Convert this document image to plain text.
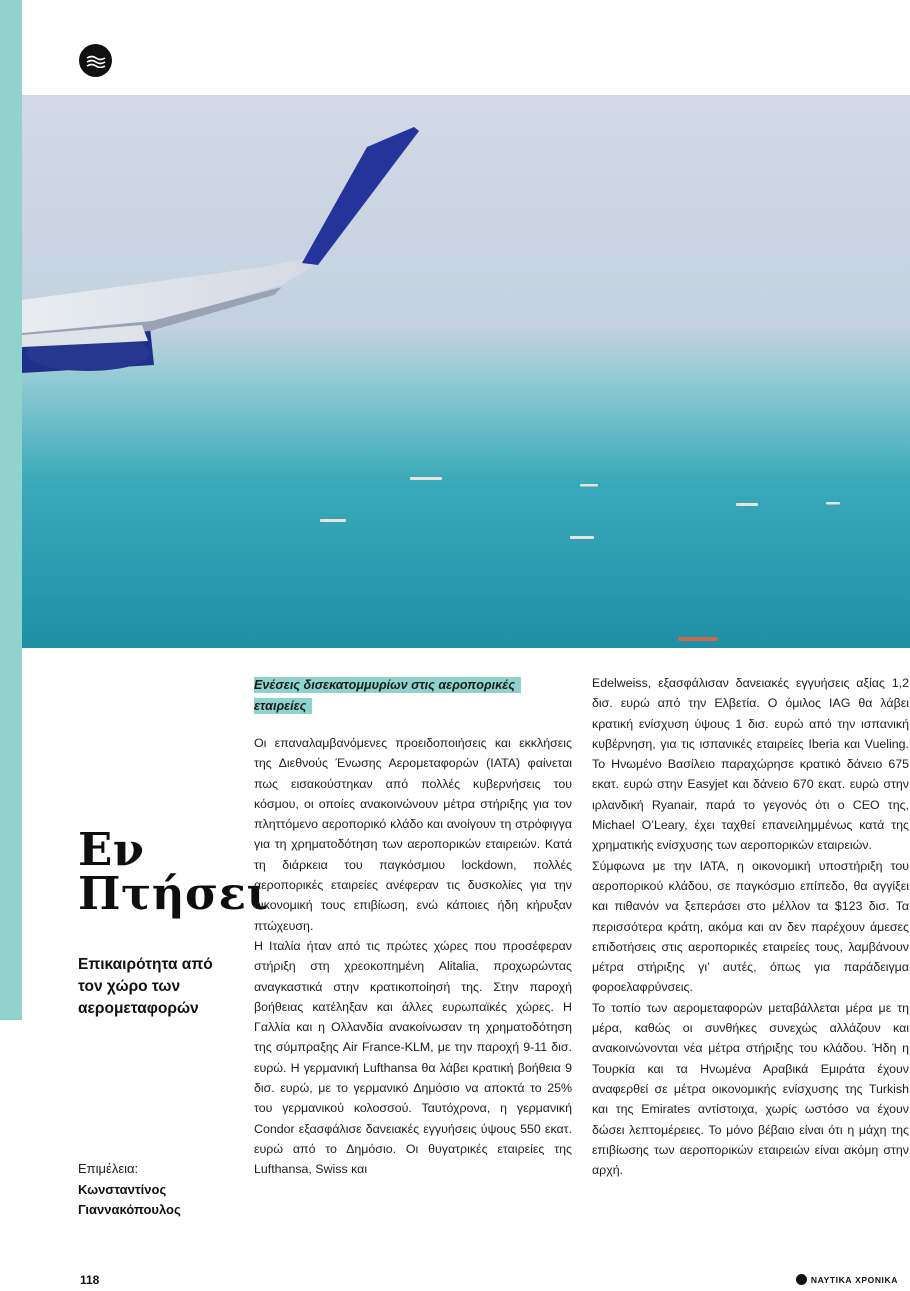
Εν
Πτήσει
Επικαιρότητα από τον χώρο των αερομεταφορών
Επιμέλεια:
Κωνσταντίνος Γιαννακόπουλος
Ενέσεις δισεκατομμυρίων στις αεροπορικές εταιρείες

Οι επαναλαμβανόμενες προειδοποιήσεις και εκκλήσεις της Διεθνούς Ένωσης Αερομεταφορών (ΙΑΤΑ) φαίνεται πως εισακούστηκαν από πολλές κυβερνήσεις του κόσμου, οι οποίες ανακοινώνουν μέτρα στήριξης για τον πληττόμενο αεροπορικό κλάδο και ανοίγουν τη στρόφιγγα για τη χρηματοδότηση των αεροπορικών εταιρειών. Κατά τη διάρκεια του παγκόσμιου lockdown, πολλές αεροπορικές εταιρείες ανέφεραν τις δυσκολίες για την οικονομική τους επιβίωση, ενώ κάποιες ήδη κήρυξαν πτώχευση.

Η Ιταλία ήταν από τις πρώτες χώρες που προσέφεραν στήριξη στη χρεοκοπημένη Alitalia, προχωρώντας αναγκαστικά στην κρατικοποίησή της. Στην παροχή βοήθειας κατέληξαν και άλλες ευρωπαϊκές χώρες. Η Γαλλία και η Ολλανδία ανακοίνωσαν τη χρηματοδότηση της σύμπραξης Air France-KLM, με την παροχή 9-11 δισ. ευρώ. Η γερμανική Lufthansa θα λάβει κρατική βοήθεια 9 δισ. ευρώ, με το γερμανικό Δημόσιο να αποκτά το 25% του γερμανικού κολοσσού. Ταυτόχρονα, η γερμανική Condor εξασφάλισε δανειακές εγγυήσεις ύψους 550 εκατ. ευρώ από το Δημόσιο. Οι θυγατρικές εταιρείες της Lufthansa, Swiss και

Edelweiss, εξασφάλισαν δανειακές εγγυήσεις αξίας 1,2 δισ. ευρώ από την Ελβετία. Ο όμιλος IAG θα λάβει κρατική ενίσχυση ύψους 1 δισ. ευρώ από την ισπανική κυβέρνηση, για τις ισπανικές εταιρείες Iberia και Vueling. Το Ηνωμένο Βασίλειο παραχώρησε κρατικό δάνειο 675 εκατ. ευρώ στην Easyjet και δάνειο 670 εκατ. ευρώ στην ιρλανδική Ryanair, παρά το γεγονός ότι ο CEO της, Michael O’Leary, έχει ταχθεί επανειλημμένως κατά της χρηματικής ενίσχυσης των αεροπορικών εταιρειών.

Σύμφωνα με την ΙΑΤΑ, η οικονομική υποστήριξη του αεροπορικού κλάδου, σε παγκόσμιο επίπεδο, θα αγγίξει και πιθανόν να ξεπεράσει στο μέλλον τα $123 δισ. Τα περισσότερα κράτη, ακόμα και αν δεν παρέχουν άμεσες επιδοτήσεις στις αεροπορικές εταιρείες τους, λαμβάνουν μέτρα στήριξης γι’ αυτές, όπως για παράδειγμα φοροελαφρύνσεις.

Το τοπίο των αερομεταφορών μεταβάλλεται μέρα με τη μέρα, καθώς οι συνθήκες συνεχώς αλλάζουν και ανακοινώνονται νέα μέτρα στήριξης του κλάδου. Ήδη η Τουρκία και τα Ηνωμένα Αραβικά Εμιράτα έχουν αναφερθεί σε μέτρα οικονομικής ενίσχυσης της Turkish και της Emirates αντίστοιχα, χωρίς ωστόσο να έχουν δώσει λεπτομέρειες. Το μόνο βέβαιο είναι ότι η μάχη της επιβίωσης των αεροπορικών εταιρειών είναι ακόμη στην αρχή.

118	ΝΑΥΤΙΚΑ ΧΡΟΝΙΚΑ
